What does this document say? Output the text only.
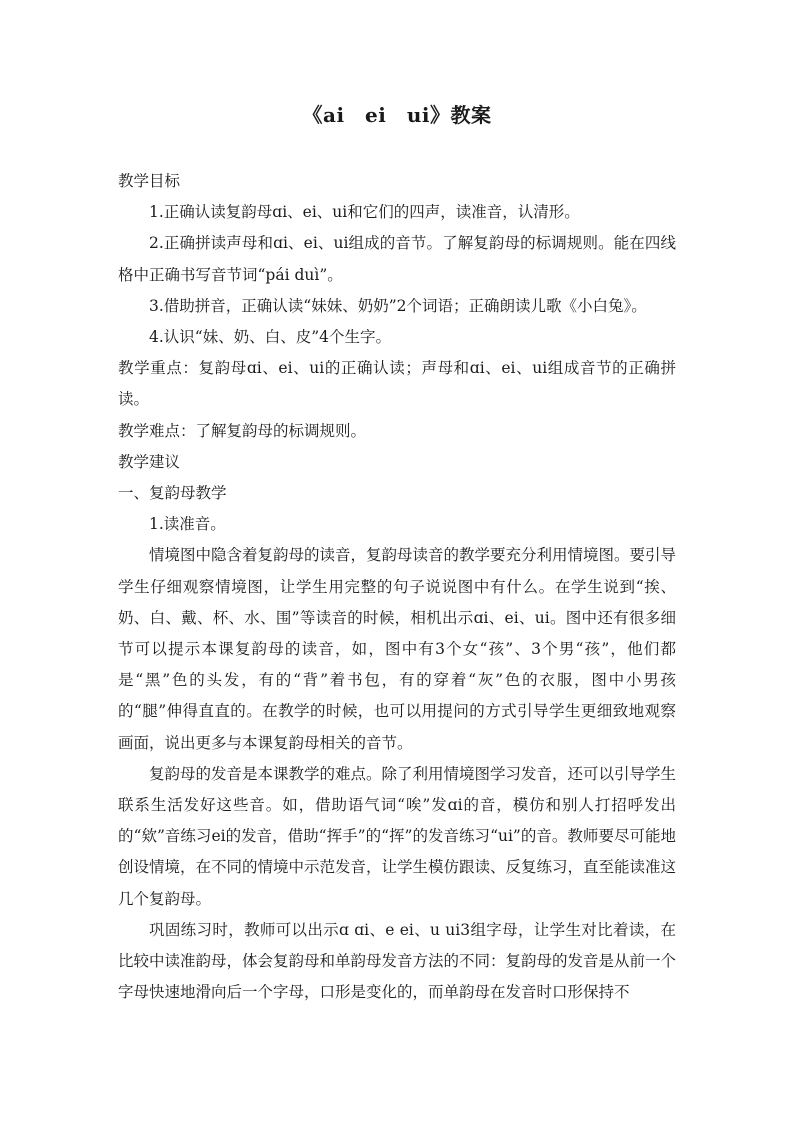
《ai　ei　ui》教案

教学目标

1.正确认读复韵母ɑi、ei、ui和它们的四声，读准音，认清形。

2.正确拼读声母和ɑi、ei、ui组成的音节。了解复韵母的标调规则。能在四线格中正确书写音节词“pái duì”。

3.借助拼音，正确认读“妹妹、奶奶”2个词语；正确朗读儿歌《小白兔》。

4.认识“妹、奶、白、皮”4个生字。

教学重点：复韵母ɑi、ei、ui的正确认读；声母和ɑi、ei、ui组成音节的正确拼读。

教学难点：了解复韵母的标调规则。

教学建议

一、复韵母教学

1.读准音。

情境图中隐含着复韵母的读音，复韵母读音的教学要充分利用情境图。要引导学生仔细观察情境图，让学生用完整的句子说说图中有什么。在学生说到“挨、奶、白、戴、杯、水、围”等读音的时候，相机出示ɑi、ei、ui。图中还有很多细节可以提示本课复韵母的读音，如，图中有3个女“孩”、3个男“孩”，他们都是“黑”色的头发，有的“背”着书包，有的穿着“灰”色的衣服，图中小男孩的“腿”伸得直直的。在教学的时候，也可以用提问的方式引导学生更细致地观察画面，说出更多与本课复韵母相关的音节。

复韵母的发音是本课教学的难点。除了利用情境图学习发音，还可以引导学生联系生活发好这些音。如，借助语气词“唉”发ɑi的音，模仿和别人打招呼发出的“欸”音练习ei的发音，借助“挥手”的“挥”的发音练习“ui”的音。教师要尽可能地创设情境，在不同的情境中示范发音，让学生模仿跟读、反复练习，直至能读准这几个复韵母。

巩固练习时，教师可以出示ɑ ɑi、e ei、u ui3组字母，让学生对比着读，在比较中读准韵母，体会复韵母和单韵母发音方法的不同：复韵母的发音是从前一个字母快速地滑向后一个字母，口形是变化的，而单韵母在发音时口形保持不
